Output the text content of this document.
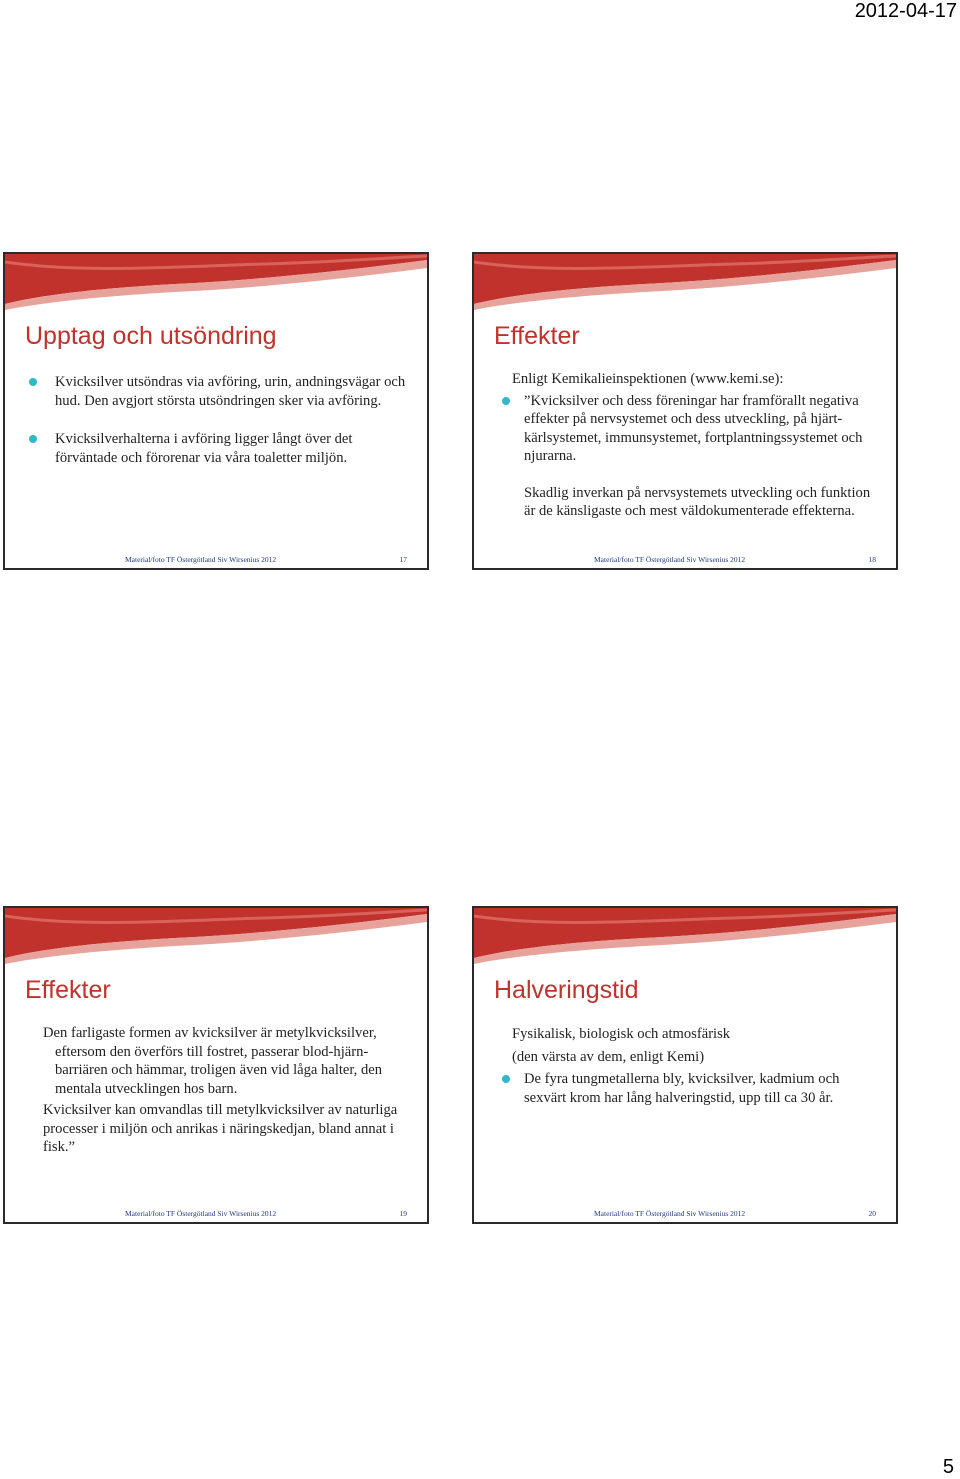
2012-04-17
Upptag och utsöndring
Kvicksilver utsöndras via avföring, urin, andningsvägar och hud. Den avgjort största utsöndringen sker via avföring.
Kvicksilverhalterna i avföring ligger långt över det förväntade och förorenar via våra toaletter miljön.
Material/foto TF Östergötland Siv Wirsenius 2012	17
Effekter

Enligt Kemikalieinspektionen (www.kemi.se):

”Kvicksilver och dess föreningar har framförallt negativa effekter på nervsystemet och dess utveckling, på hjärt-kärlsystemet, immunsystemet, fortplantningssystemet och njurarna.

Skadlig inverkan på nervsystemets utveckling och funktion är de känsligaste och mest väldokumenterade effekterna.

Material/foto TF Östergötland Siv Wirsenius 2012	18
Effekter

Den farligaste formen av kvicksilver är metylkvicksilver, eftersom den överförs till fostret, passerar blod-hjärn-barriären och hämmar, troligen även vid låga halter, den mentala utvecklingen hos barn.

Kvicksilver kan omvandlas till metylkvicksilver av naturliga processer i miljön och anrikas i näringskedjan, bland annat i fisk.”

Material/foto TF Östergötland Siv Wirsenius 2012	19
Halveringstid

Fysikalisk, biologisk och atmosfärisk

(den värsta av dem, enligt Kemi)

De fyra tungmetallerna bly, kvicksilver, kadmium och sexvärt krom har lång halveringstid, upp till ca 30 år.
Material/foto TF Östergötland Siv Wirsenius 2012	20
5
